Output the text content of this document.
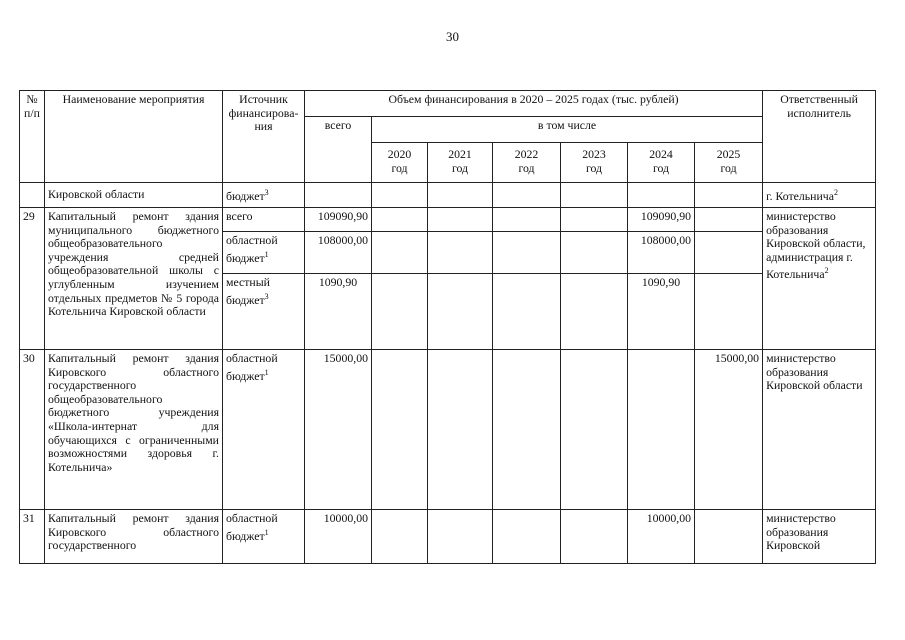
30
№ п/п	Наименование мероприятия	Источник финансирова-ния	Объем финансирования в 2020 – 2025 годах (тыс. рублей)							Ответственный исполнитель
			всего	в том числе						
				2020 год	2021 год	2022 год	2023 год	2024 год	2025 год	
	Кировской области	бюджет$^3$								г. Котельнича$^2$
29	Капитальный ремонт здания муниципального бюджетного общеобразовательного учреждения средней общеобразовательной школы с углубленным изучением отдельных предметов № 5 города Котельнича Кировской области	всего	109090,90					109090,90		министерство образования Кировской области, администрация г. Котельнича$^2$
		областной бюджет$^1$	108000,00					108000,00		
		местный бюджет$^3$	1090,90					1090,90		
30	Капитальный ремонт здания Кировского областного государственного общеобразовательного бюджетного учреждения «Школа-интернат для обучающихся с ограниченными возможностями здоровья г. Котельнича»	областной бюджет$^1$	15000,00						15000,00	министерство образования Кировской области
31	Капитальный ремонт здания Кировского областного государственного	областной бюджет$^1$	10000,00					10000,00		министерство образования Кировской
